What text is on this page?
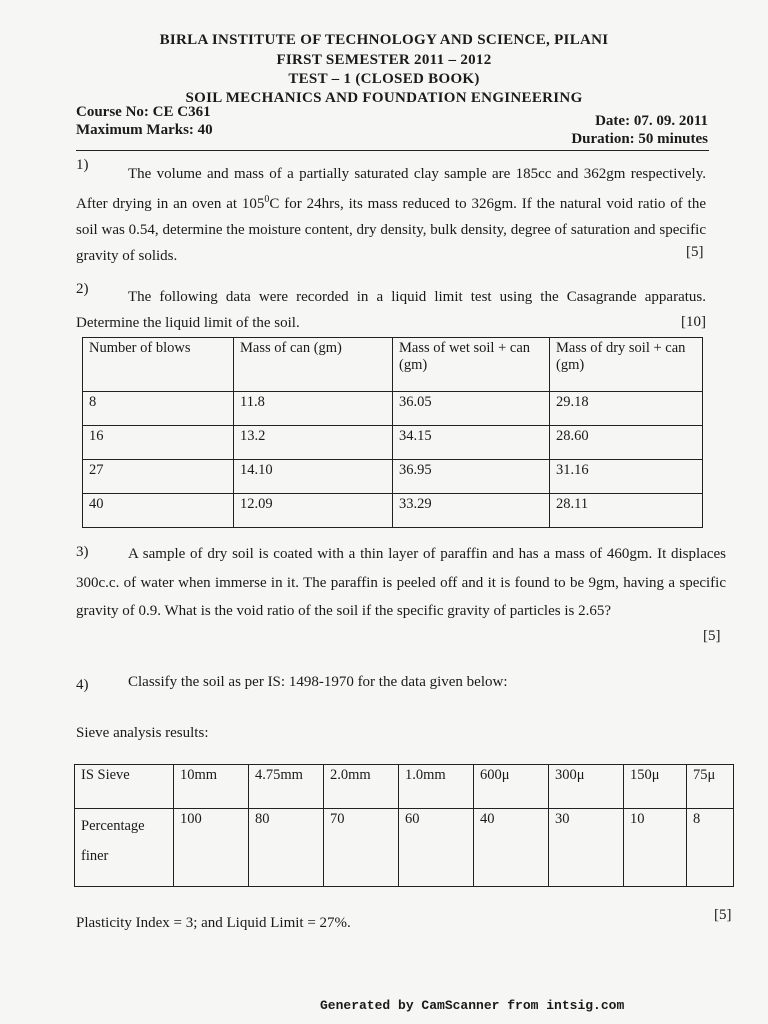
BIRLA INSTITUTE OF TECHNOLOGY AND SCIENCE, PILANI
FIRST SEMESTER 2011 – 2012
TEST – 1 (CLOSED BOOK)
SOIL MECHANICS AND FOUNDATION ENGINEERING
Course No: CE C361
Maximum Marks: 40
Date: 07. 09. 2011
Duration: 50 minutes
1)
The volume and mass of a partially saturated clay sample are 185cc and 362gm respectively. After drying in an oven at $105^0C$ for 24hrs, its mass reduced to 326gm. If the natural void ratio of the soil was 0.54, determine the moisture content, dry density, bulk density, degree of saturation and specific gravity of solids.	[5]
2)	The following data were recorded in a liquid limit test using the Casagrande apparatus. Determine the liquid limit of the soil.	[10]
Number of blows	Mass of can (gm)	Mass of wet soil + can (gm)	Mass of dry soil + can (gm)
8	11.8	36.05	29.18
16	13.2	34.15	28.60
27	14.10	36.95	31.16
40	12.09	33.29	28.11
3)	A sample of dry soil is coated with a thin layer of paraffin and has a mass of 460gm. It displaces 300c.c. of water when immerse in it. The paraffin is peeled off and it is found to be 9gm, having a specific gravity of 0.9. What is the void ratio of the soil if the specific gravity of particles is 2.65?
[5]
4)	Classify the soil as per IS: 1498-1970 for the data given below:
Sieve analysis results:
IS Sieve	10mm	4.75mm	2.0mm	1.0mm	600μ	300μ	150μ	75μ
Percentage finer	100	80	70	60	40	30	10	8
Plasticity Index = 3; and Liquid Limit = 27%.	[5]
Generated by CamScanner from intsig.com
